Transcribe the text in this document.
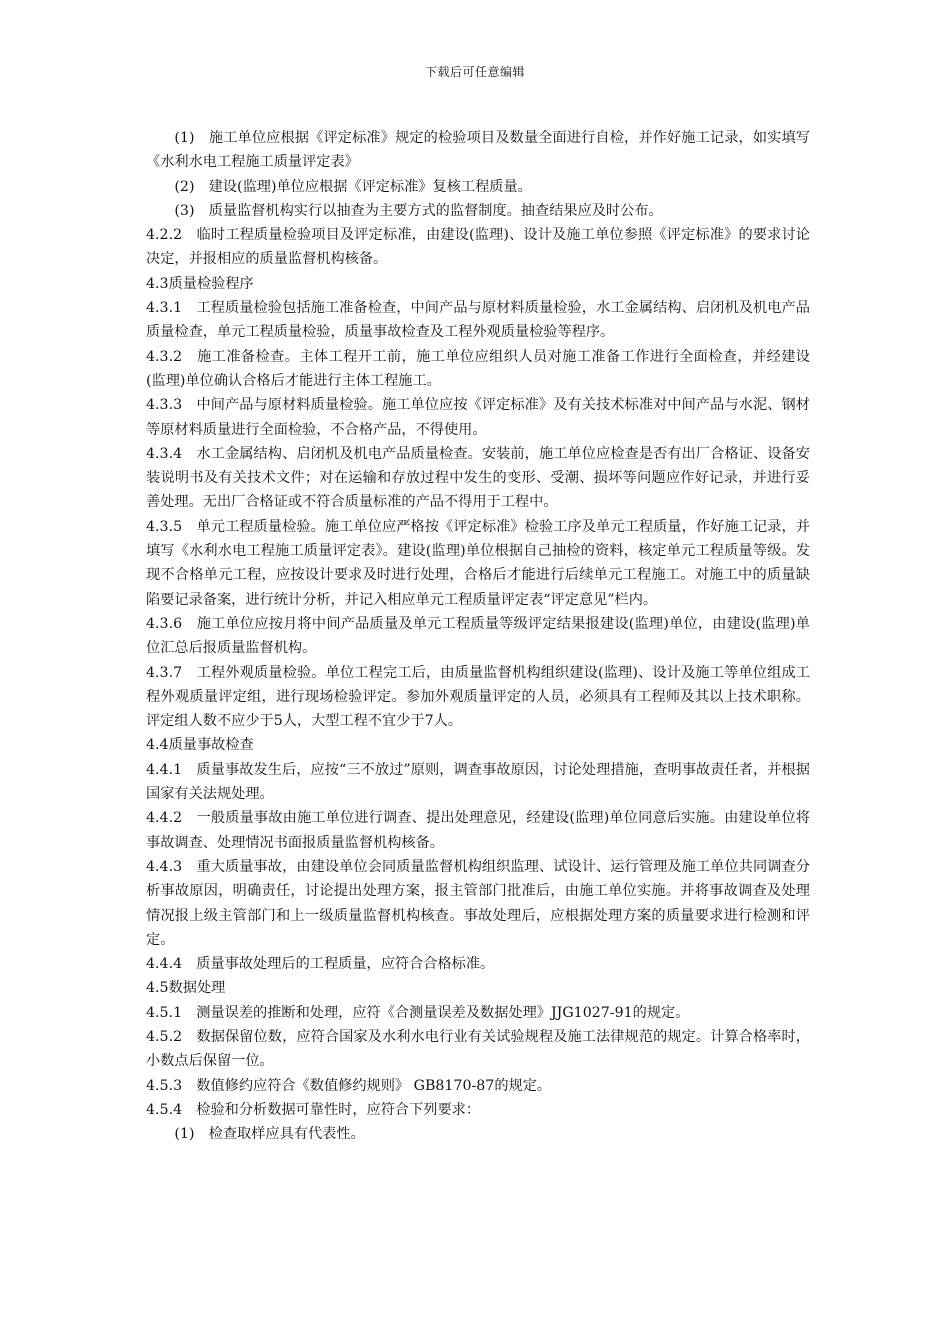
下载后可任意编辑

(1)　施工单位应根据《评定标准》规定的检验项目及数量全面进行自检，并作好施工记录，如实填写《水利水电工程施工质量评定表》

(2)　建设(监理)单位应根据《评定标准》复核工程质量。

(3)　质量监督机构实行以抽查为主要方式的监督制度。抽查结果应及时公布。

4.2.2　临时工程质量检验项目及评定标准，由建设(监理)、设计及施工单位参照《评定标准》的要求讨论决定，并报相应的质量监督机构核备。

4.3质量检验程序

4.3.1　工程质量检验包括施工准备检查，中间产品与原材料质量检验，水工金属结构、启闭机及机电产品质量检查，单元工程质量检验，质量事故检查及工程外观质量检验等程序。

4.3.2　施工准备检查。主体工程开工前，施工单位应组织人员对施工准备工作进行全面检查，并经建设(监理)单位确认合格后才能进行主体工程施工。

4.3.3　中间产品与原材料质量检验。施工单位应按《评定标准》及有关技术标准对中间产品与水泥、钢材等原材料质量进行全面检验，不合格产品，不得使用。

4.3.4　水工金属结构、启闭机及机电产品质量检查。安装前，施工单位应检查是否有出厂合格证、设备安装说明书及有关技术文件；对在运输和存放过程中发生的变形、受潮、损坏等问题应作好记录，并进行妥善处理。无出厂合格证或不符合质量标准的产品不得用于工程中。

4.3.5　单元工程质量检验。施工单位应严格按《评定标准》检验工序及单元工程质量，作好施工记录，并填写《水利水电工程施工质量评定表》。建设(监理)单位根据自己抽检的资料，核定单元工程质量等级。发现不合格单元工程，应按设计要求及时进行处理，合格后才能进行后续单元工程施工。对施工中的质量缺陷要记录备案，进行统计分析，并记入相应单元工程质量评定表“评定意见”栏内。

4.3.6　施工单位应按月将中间产品质量及单元工程质量等级评定结果报建设(监理)单位，由建设(监理)单位汇总后报质量监督机构。

4.3.7　工程外观质量检验。单位工程完工后，由质量监督机构组织建设(监理)、设计及施工等单位组成工程外观质量评定组，进行现场检验评定。参加外观质量评定的人员，必须具有工程师及其以上技术职称。评定组人数不应少于5人，大型工程不宜少于7人。

4.4质量事故检查

4.4.1　质量事故发生后，应按“三不放过”原则，调查事故原因，讨论处理措施，查明事故责任者，并根据国家有关法规处理。

4.4.2　一般质量事故由施工单位进行调查、提出处理意见，经建设(监理)单位同意后实施。由建设单位将事故调查、处理情况书面报质量监督机构核备。

4.4.3　重大质量事故，由建设单位会同质量监督机构组织监理、试设计、运行管理及施工单位共同调查分析事故原因，明确责任，讨论提出处理方案，报主管部门批准后，由施工单位实施。并将事故调查及处理情况报上级主管部门和上一级质量监督机构核查。事故处理后，应根据处理方案的质量要求进行检测和评定。

4.4.4　质量事故处理后的工程质量，应符合合格标准。

4.5数据处理

4.5.1　测量误差的推断和处理，应符《合测量误差及数据处理》JJG1027-91的规定。

4.5.2　数据保留位数，应符合国家及水利水电行业有关试验规程及施工法律规范的规定。计算合格率时，小数点后保留一位。

4.5.3　数值修约应符合《数值修约规则》 GB8170-87的规定。

4.5.4　检验和分析数据可靠性时，应符合下列要求：

(1)　检查取样应具有代表性。
